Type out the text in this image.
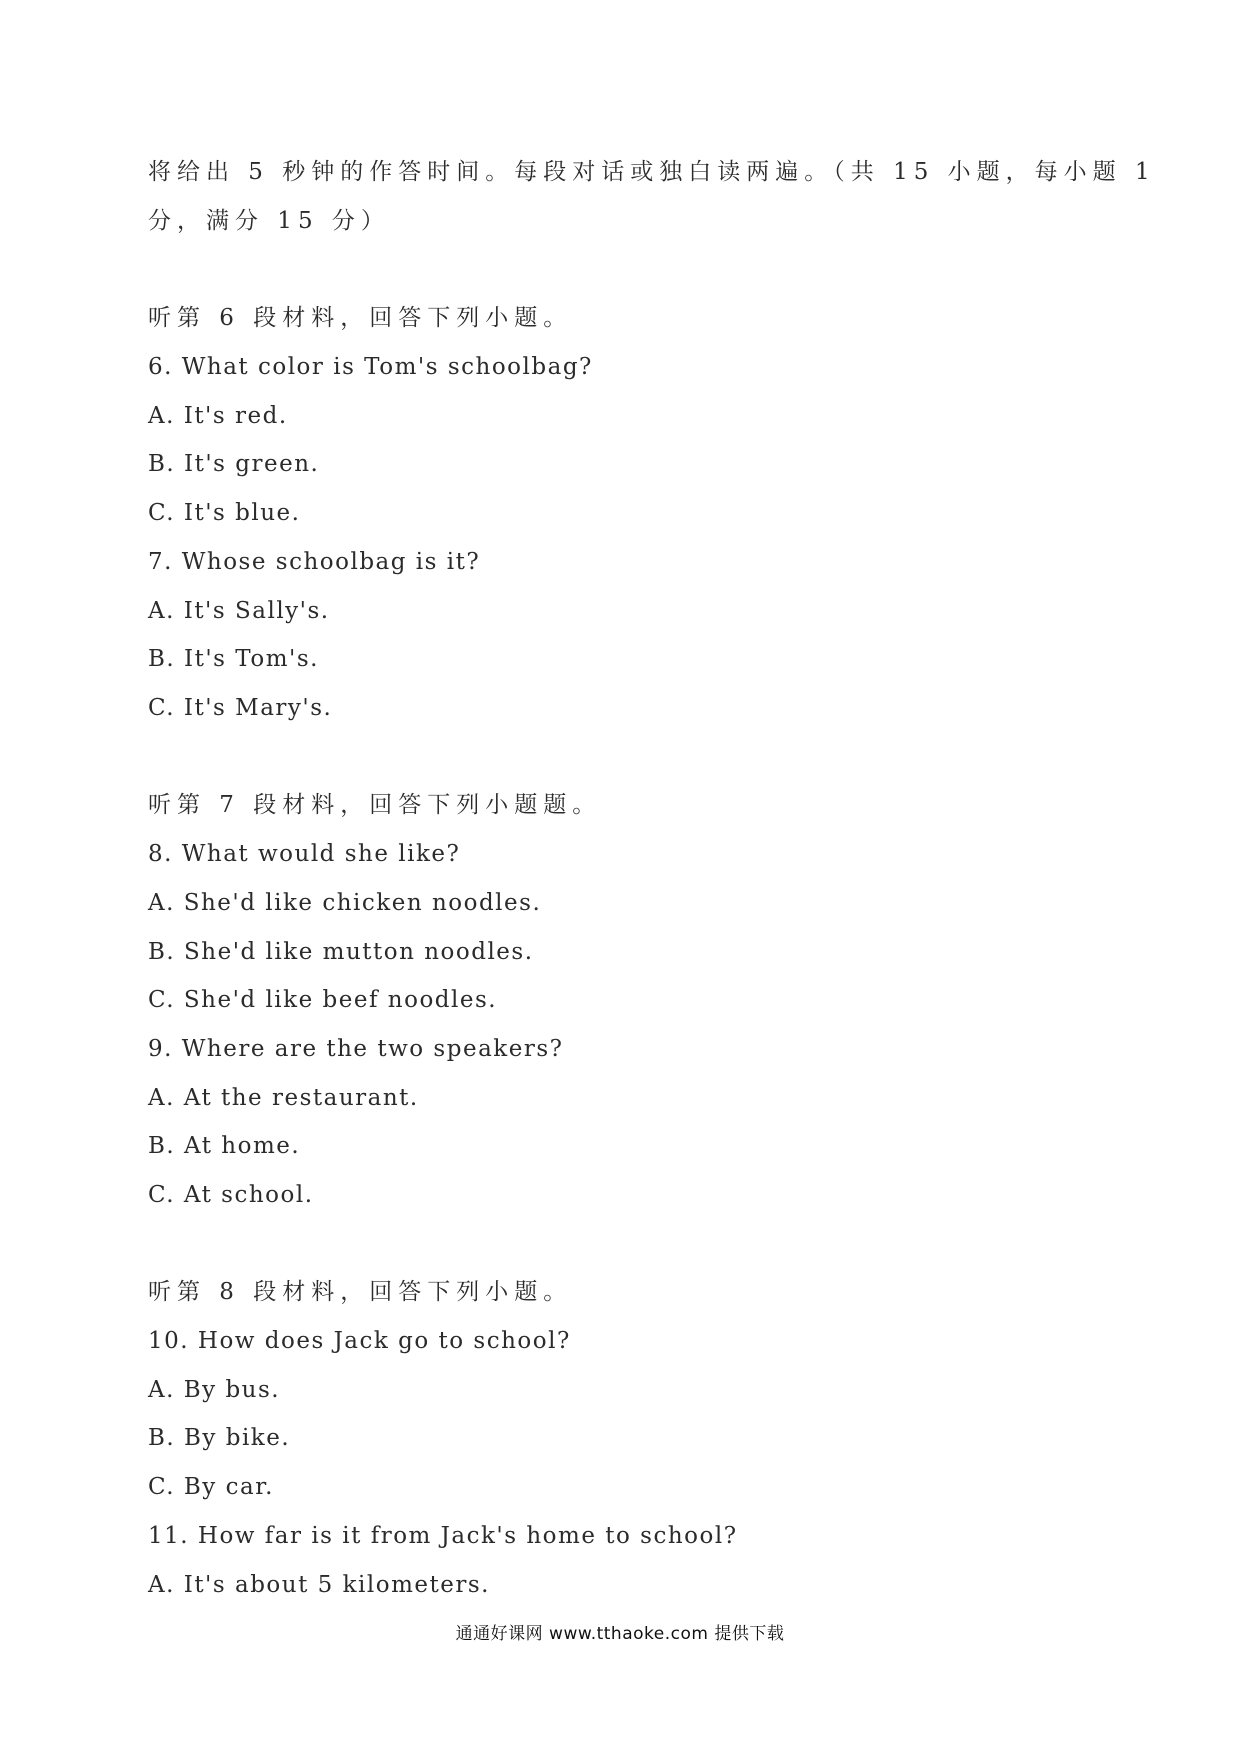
将给出 5 秒钟的作答时间。每段对话或独白读两遍。（共 15 小题，每小题 1
分，满分 15 分）
听第 6 段材料，回答下列小题。
6. What color is Tom's schoolbag?
A. It's red.
B. It's green.
C. It's blue.
7. Whose schoolbag is it?
A. It's Sally's.
B. It's Tom's.
C. It's Mary's.
听第 7 段材料，回答下列小题题。
8. What would she like?
A. She'd like chicken noodles.
B. She'd like mutton noodles.
C. She'd like beef noodles.
9. Where are the two speakers?
A. At the restaurant.
B. At home.
C. At school.
听第 8 段材料，回答下列小题。
10. How does Jack go to school?
A. By bus.
B. By bike.
C. By car.
11. How far is it from Jack's home to school?
A. It's about 5 kilometers.
通通好课网 www.tthaoke.com 提供下载
